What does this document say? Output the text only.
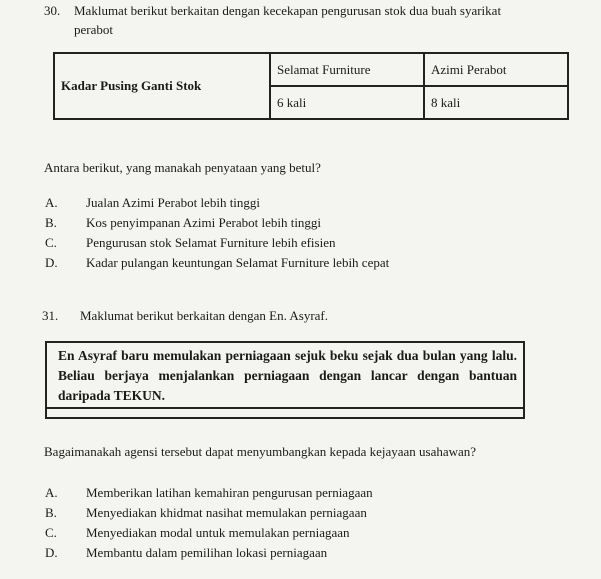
30. Maklumat berikut berkaitan dengan kecekapan pengurusan stok dua buah syarikat
perabot
Kadar Pusing Ganti Stok	Selamat Furniture	Azimi Perabot
	6 kali	8 kali
Antara berikut, yang manakah penyataan yang betul?
A. Jualan Azimi Perabot lebih tinggi
B. Kos penyimpanan Azimi Perabot lebih tinggi
C. Pengurusan stok Selamat Furniture lebih efisien
D. Kadar pulangan keuntungan Selamat Furniture lebih cepat
31. Maklumat berikut berkaitan dengan En. Asyraf.
En Asyraf baru memulakan perniagaan sejuk beku sejak dua bulan yang lalu. Beliau berjaya menjalankan perniagaan dengan lancar dengan bantuan daripada TEKUN.
Bagaimanakah agensi tersebut dapat menyumbangkan kepada kejayaan usahawan?
A. Memberikan latihan kemahiran pengurusan perniagaan
B. Menyediakan khidmat nasihat memulakan perniagaan
C. Menyediakan modal untuk memulakan perniagaan
D. Membantu dalam pemilihan lokasi perniagaan
